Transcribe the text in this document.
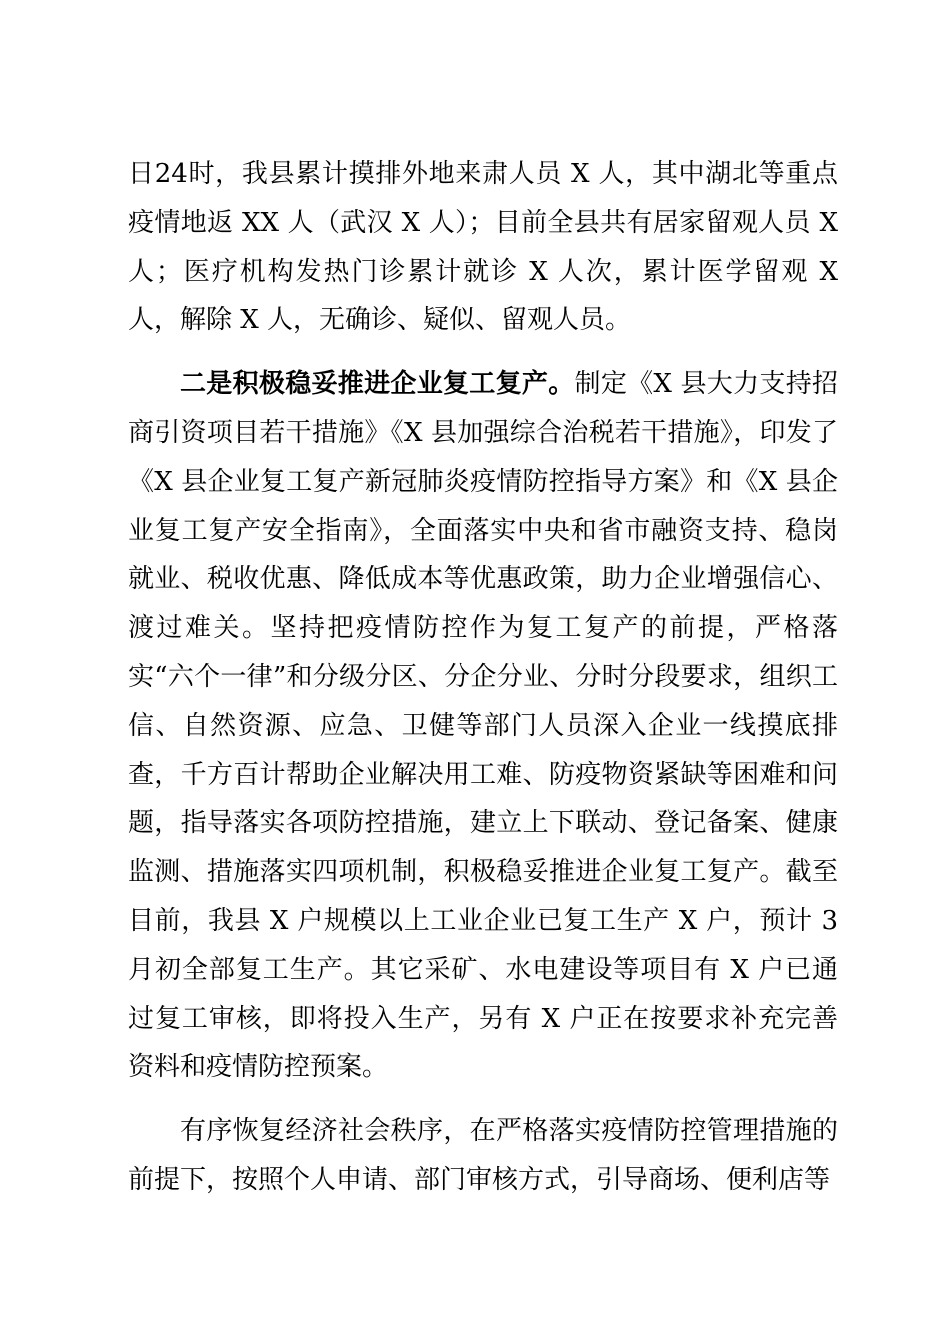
日24时，我县累计摸排外地来肃人员 X 人，其中湖北等重点疫情地返 XX 人（武汉 X 人）；目前全县共有居家留观人员 X 人；医疗机构发热门诊累计就诊 X 人次，累计医学留观 X 人，解除 X 人，无确诊、疑似、留观人员。

二是积极稳妥推进企业复工复产。制定《X 县大力支持招商引资项目若干措施》《X 县加强综合治税若干措施》，印发了《X 县企业复工复产新冠肺炎疫情防控指导方案》和《X 县企业复工复产安全指南》，全面落实中央和省市融资支持、稳岗就业、税收优惠、降低成本等优惠政策，助力企业增强信心、渡过难关。坚持把疫情防控作为复工复产的前提，严格落实“六个一律”和分级分区、分企分业、分时分段要求，组织工信、自然资源、应急、卫健等部门人员深入企业一线摸底排查，千方百计帮助企业解决用工难、防疫物资紧缺等困难和问题，指导落实各项防控措施，建立上下联动、登记备案、健康监测、措施落实四项机制，积极稳妥推进企业复工复产。截至目前，我县 X 户规模以上工业企业已复工生产 X 户，预计 3 月初全部复工生产。其它采矿、水电建设等项目有 X 户已通过复工审核，即将投入生产，另有 X 户正在按要求补充完善资料和疫情防控预案。

有序恢复经济社会秩序，在严格落实疫情防控管理措施的前提下，按照个人申请、部门审核方式，引导商场、便利店等
